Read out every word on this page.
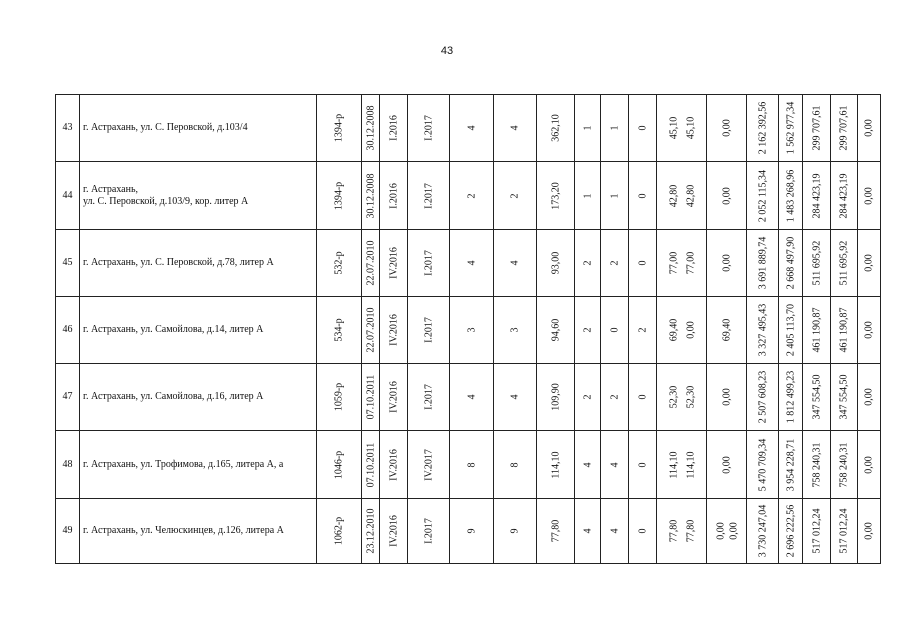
43
43	г. Астрахань, ул. С. Перовской, д.103/4	1394-р	30.12.2008	I.2016	I.2017	4	4	362,10	1	1	0	45,10 45,10	0,00	2 162 392,56	1 562 977,34	299 707,61	299 707,61	0,00

44	г. Астрахань,
ул. С. Перовской, д.103/9, кор. литер А	1394-р	30.12.2008	I.2016	I.2017	2	2	173,20	1	1	0	42,80 42,80	0,00	2 052 115,34	1 483 268,96	284 423,19	284 423,19	0,00

45	г. Астрахань, ул. С. Перовской, д.78, литер А	532-р	22.07.2010	IV.2016	I.2017	4	4	93,00	2	2	0	77,00 77,00	0,00	3 691 889,74	2 668 497,90	511 695,92	511 695,92	0,00

46	г. Астрахань, ул. Самойлова, д.14, литер А	534-р	22.07.2010	IV.2016	I.2017	3	3	94,60	2	0	2	69,40 0,00	69,40	3 327 495,43	2 405 113,70	461 190,87	461 190,87	0,00

47	г. Астрахань, ул. Самойлова, д.16, литер А	1059-р	07.10.2011	IV.2016	I.2017	4	4	109,90	2	2	0	52,30 52,30	0,00	2 507 608,23	1 812 499,23	347 554,50	347 554,50	0,00

48	г. Астрахань, ул. Трофимова, д.165, литера А, а	1046-р	07.10.2011	IV.2016	IV.2017	8	8	114,10	4	4	0	114,10 114,10	0,00	5 470 709,34	3 954 228,71	758 240,31	758 240,31	0,00

49	г. Астрахань, ул. Челюскинцев, д.126, литера А	1062-р	23.12.2010	IV.2016	I.2017	9	9	77,80	4	4	0	77,80 77,80	0,00 0,00	3 730 247,04	2 696 222,56	517 012,24	517 012,24	0,00
